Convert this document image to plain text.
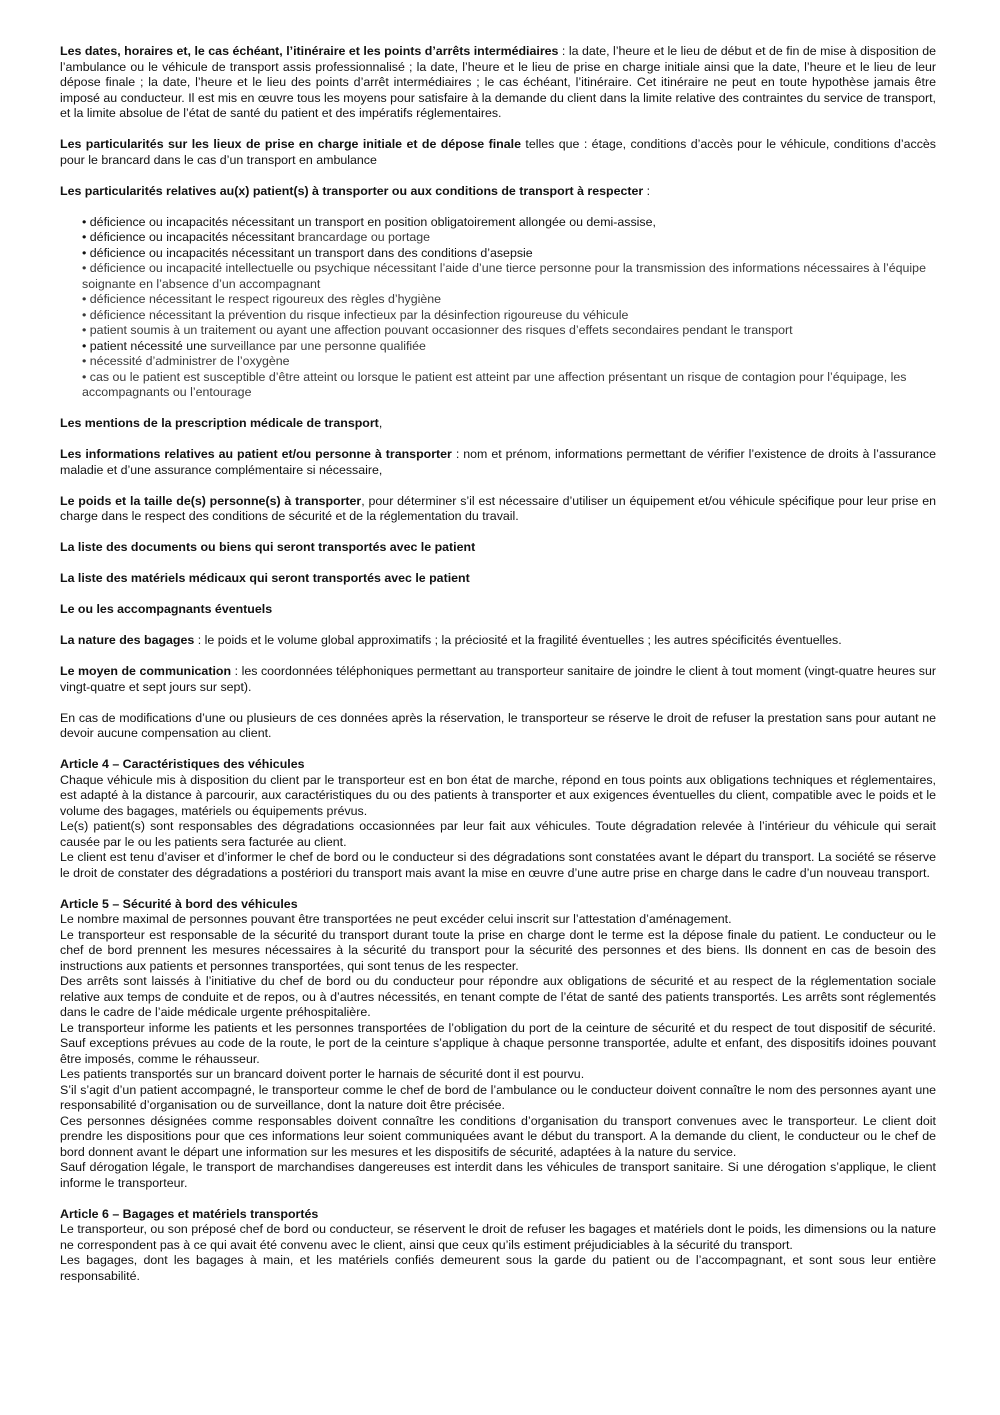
Les dates, horaires et, le cas échéant, l’itinéraire et les points d’arrêts intermédiaires : la date, l’heure et le lieu de début et de fin de mise à disposition de l’ambulance ou le véhicule de transport assis professionnalisé ; la date, l’heure et le lieu de prise en charge initiale ainsi que la date, l’heure et le lieu de leur dépose finale ; la date, l’heure et le lieu des points d’arrêt intermédiaires ; le cas échéant, l’itinéraire. Cet itinéraire ne peut en toute hypothèse jamais être imposé au conducteur. Il est mis en œuvre tous les moyens pour satisfaire à la demande du client dans la limite relative des contraintes du service de transport, et la limite absolue de l’état de santé du patient et des impératifs réglementaires.

Les particularités sur les lieux de prise en charge initiale et de dépose finale telles que : étage, conditions d’accès pour le véhicule, conditions d’accès pour le brancard dans le cas d’un transport en ambulance

Les particularités relatives au(x) patient(s) à transporter ou aux conditions de transport à respecter :

• déficience ou incapacités nécessitant un transport en position obligatoirement allongée ou demi-assise,
• déficience ou incapacités nécessitant brancardage ou portage
• déficience ou incapacités nécessitant un transport dans des conditions d’asepsie
• déficience ou incapacité intellectuelle ou psychique nécessitant l’aide d’une tierce personne pour la transmission des informations nécessaires à l’équipe soignante en l’absence d’un accompagnant
• déficience nécessitant le respect rigoureux des règles d’hygiène
• déficience nécessitant la prévention du risque infectieux par la désinfection rigoureuse du véhicule
• patient soumis à un traitement ou ayant une affection pouvant occasionner des risques d’effets secondaires pendant le transport
• patient nécessité une surveillance par une personne qualifiée
• nécessité d’administrer de l’oxygène
• cas ou le patient est susceptible d’être atteint ou lorsque le patient est atteint par une affection présentant un risque de contagion pour l’équipage, les accompagnants ou l’entourage

Les mentions de la prescription médicale de transport,

Les informations relatives au patient et/ou personne à transporter : nom et prénom, informations permettant de vérifier l’existence de droits à l’assurance maladie et d’une assurance complémentaire si nécessaire,

Le poids et la taille de(s) personne(s) à transporter, pour déterminer s’il est nécessaire d’utiliser un équipement et/ou véhicule spécifique pour leur prise en charge dans le respect des conditions de sécurité et de la réglementation du travail.

La liste des documents ou biens qui seront transportés avec le patient

La liste des matériels médicaux qui seront transportés avec le patient

Le ou les accompagnants éventuels

La nature des bagages : le poids et le volume global approximatifs ; la préciosité et la fragilité éventuelles ; les autres spécificités éventuelles.

Le moyen de communication : les coordonnées téléphoniques permettant au transporteur sanitaire de joindre le client à tout moment (vingt-quatre heures sur vingt-quatre et sept jours sur sept).

En cas de modifications d’une ou plusieurs de ces données après la réservation, le transporteur se réserve le droit de refuser la prestation sans pour autant ne devoir aucune compensation au client.

Article 4 – Caractéristiques des véhicules

Chaque véhicule mis à disposition du client par le transporteur est en bon état de marche, répond en tous points aux obligations techniques et réglementaires, est adapté à la distance à parcourir, aux caractéristiques du ou des patients à transporter et aux exigences éventuelles du client, compatible avec le poids et le volume des bagages, matériels ou équipements prévus.

Le(s) patient(s) sont responsables des dégradations occasionnées par leur fait aux véhicules. Toute dégradation relevée à l’intérieur du véhicule qui serait causée par le ou les patients sera facturée au client.

Le client est tenu d’aviser et d’informer le chef de bord ou le conducteur si des dégradations sont constatées avant le départ du transport. La société se réserve le droit de constater des dégradations a postériori du transport mais avant la mise en œuvre d’une autre prise en charge dans le cadre d’un nouveau transport.

Article 5 – Sécurité à bord des véhicules

Le nombre maximal de personnes pouvant être transportées ne peut excéder celui inscrit sur l’attestation d’aménagement.

Le transporteur est responsable de la sécurité du transport durant toute la prise en charge dont le terme est la dépose finale du patient. Le conducteur ou le chef de bord prennent les mesures nécessaires à la sécurité du transport pour la sécurité des personnes et des biens. Ils donnent en cas de besoin des instructions aux patients et personnes transportées, qui sont tenus de les respecter.

Des arrêts sont laissés à l’initiative du chef de bord ou du conducteur pour répondre aux obligations de sécurité et au respect de la réglementation sociale relative aux temps de conduite et de repos, ou à d’autres nécessités, en tenant compte de l’état de santé des patients transportés. Les arrêts sont réglementés dans le cadre de l’aide médicale urgente préhospitalière.

Le transporteur informe les patients et les personnes transportées de l’obligation du port de la ceinture de sécurité et du respect de tout dispositif de sécurité. Sauf exceptions prévues au code de la route, le port de la ceinture s’applique à chaque personne transportée, adulte et enfant, des dispositifs idoines pouvant être imposés, comme le réhausseur.

Les patients transportés sur un brancard doivent porter le harnais de sécurité dont il est pourvu.

S’il s’agit d’un patient accompagné, le transporteur comme le chef de bord de l’ambulance ou le conducteur doivent connaître le nom des personnes ayant une responsabilité d’organisation ou de surveillance, dont la nature doit être précisée.

Ces personnes désignées comme responsables doivent connaître les conditions d’organisation du transport convenues avec le transporteur. Le client doit prendre les dispositions pour que ces informations leur soient communiquées avant le début du transport. A la demande du client, le conducteur ou le chef de bord donnent avant le départ une information sur les mesures et les dispositifs de sécurité, adaptées à la nature du service.

Sauf dérogation légale, le transport de marchandises dangereuses est interdit dans les véhicules de transport sanitaire. Si une dérogation s’applique, le client informe le transporteur.

Article 6 – Bagages et matériels transportés

Le transporteur, ou son préposé chef de bord ou conducteur, se réservent le droit de refuser les bagages et matériels dont le poids, les dimensions ou la nature ne correspondent pas à ce qui avait été convenu avec le client, ainsi que ceux qu’ils estiment préjudiciables à la sécurité du transport.

Les bagages, dont les bagages à main, et les matériels confiés demeurent sous la garde du patient ou de l’accompagnant, et sont sous leur entière responsabilité.
